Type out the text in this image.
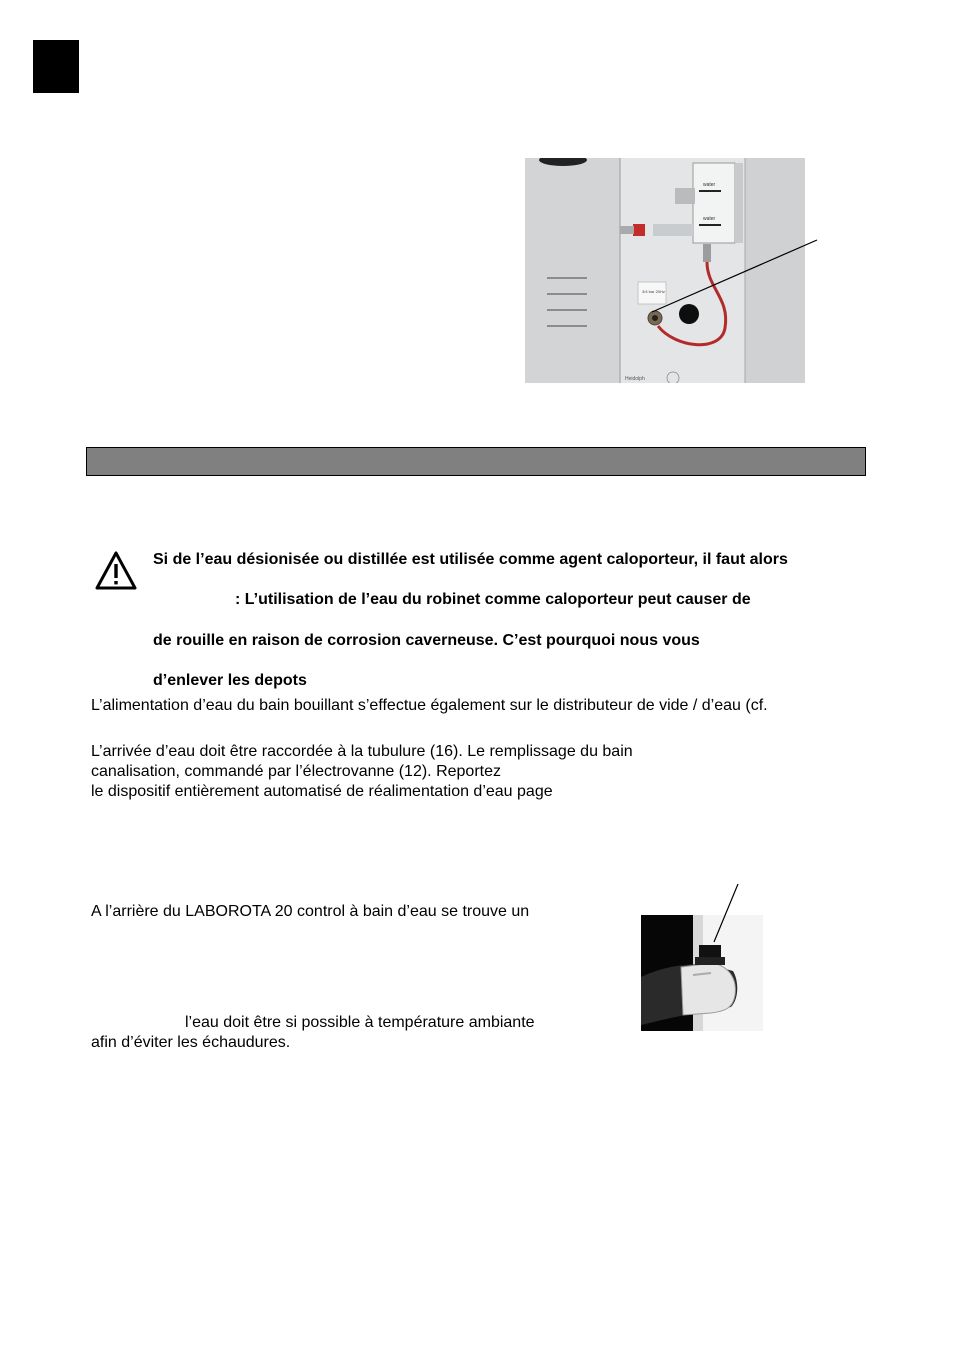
water
water
3/4 bar 20Hz
Heidolph
Si de l’eau désionisée ou distillée est utilisée comme agent caloporteur, il faut alors
: L’utilisation de l’eau du robinet comme caloporteur peut causer de
de rouille en raison de corrosion caverneuse. C’est pourquoi nous vous
d’enlever les depots
L’alimentation d’eau du bain bouillant s’effectue également sur le distributeur de vide / d’eau (cf.
L’arrivée d’eau doit être raccordée à la tubulure (16). Le remplissage du bain
canalisation, commandé par l’électrovanne (12). Reportez
le dispositif entièrement automatisé de réalimentation d’eau page
A l’arrière du LABOROTA 20 control à bain d’eau se trouve un
l’eau doit être si possible à température ambiante
afin d’éviter les échaudures.
